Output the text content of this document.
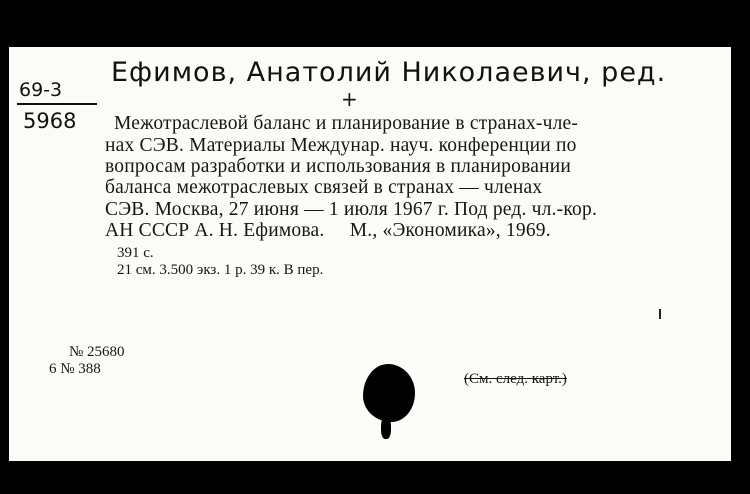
69-3
Ефимов, Анатолий Николаевич, ред.
+
5968 Межотраслевой баланс и планирование в странах-чле-
нах СЭВ. Материалы Междунар. науч. конференции по
вопросам разработки и использования в планировании
баланса межотраслевых связей в странах — членах
СЭВ. Москва, 27 июня — 1 июля 1967 г. Под ред. чл.-кор.
АН СССР А. Н. Ефимова.     М., «Экономика», 1969.
391 с.
21 см. 3.500 экз. 1 р. 39 к. В пер.
№ 25680
6 № 388
(См. след. карт.)
